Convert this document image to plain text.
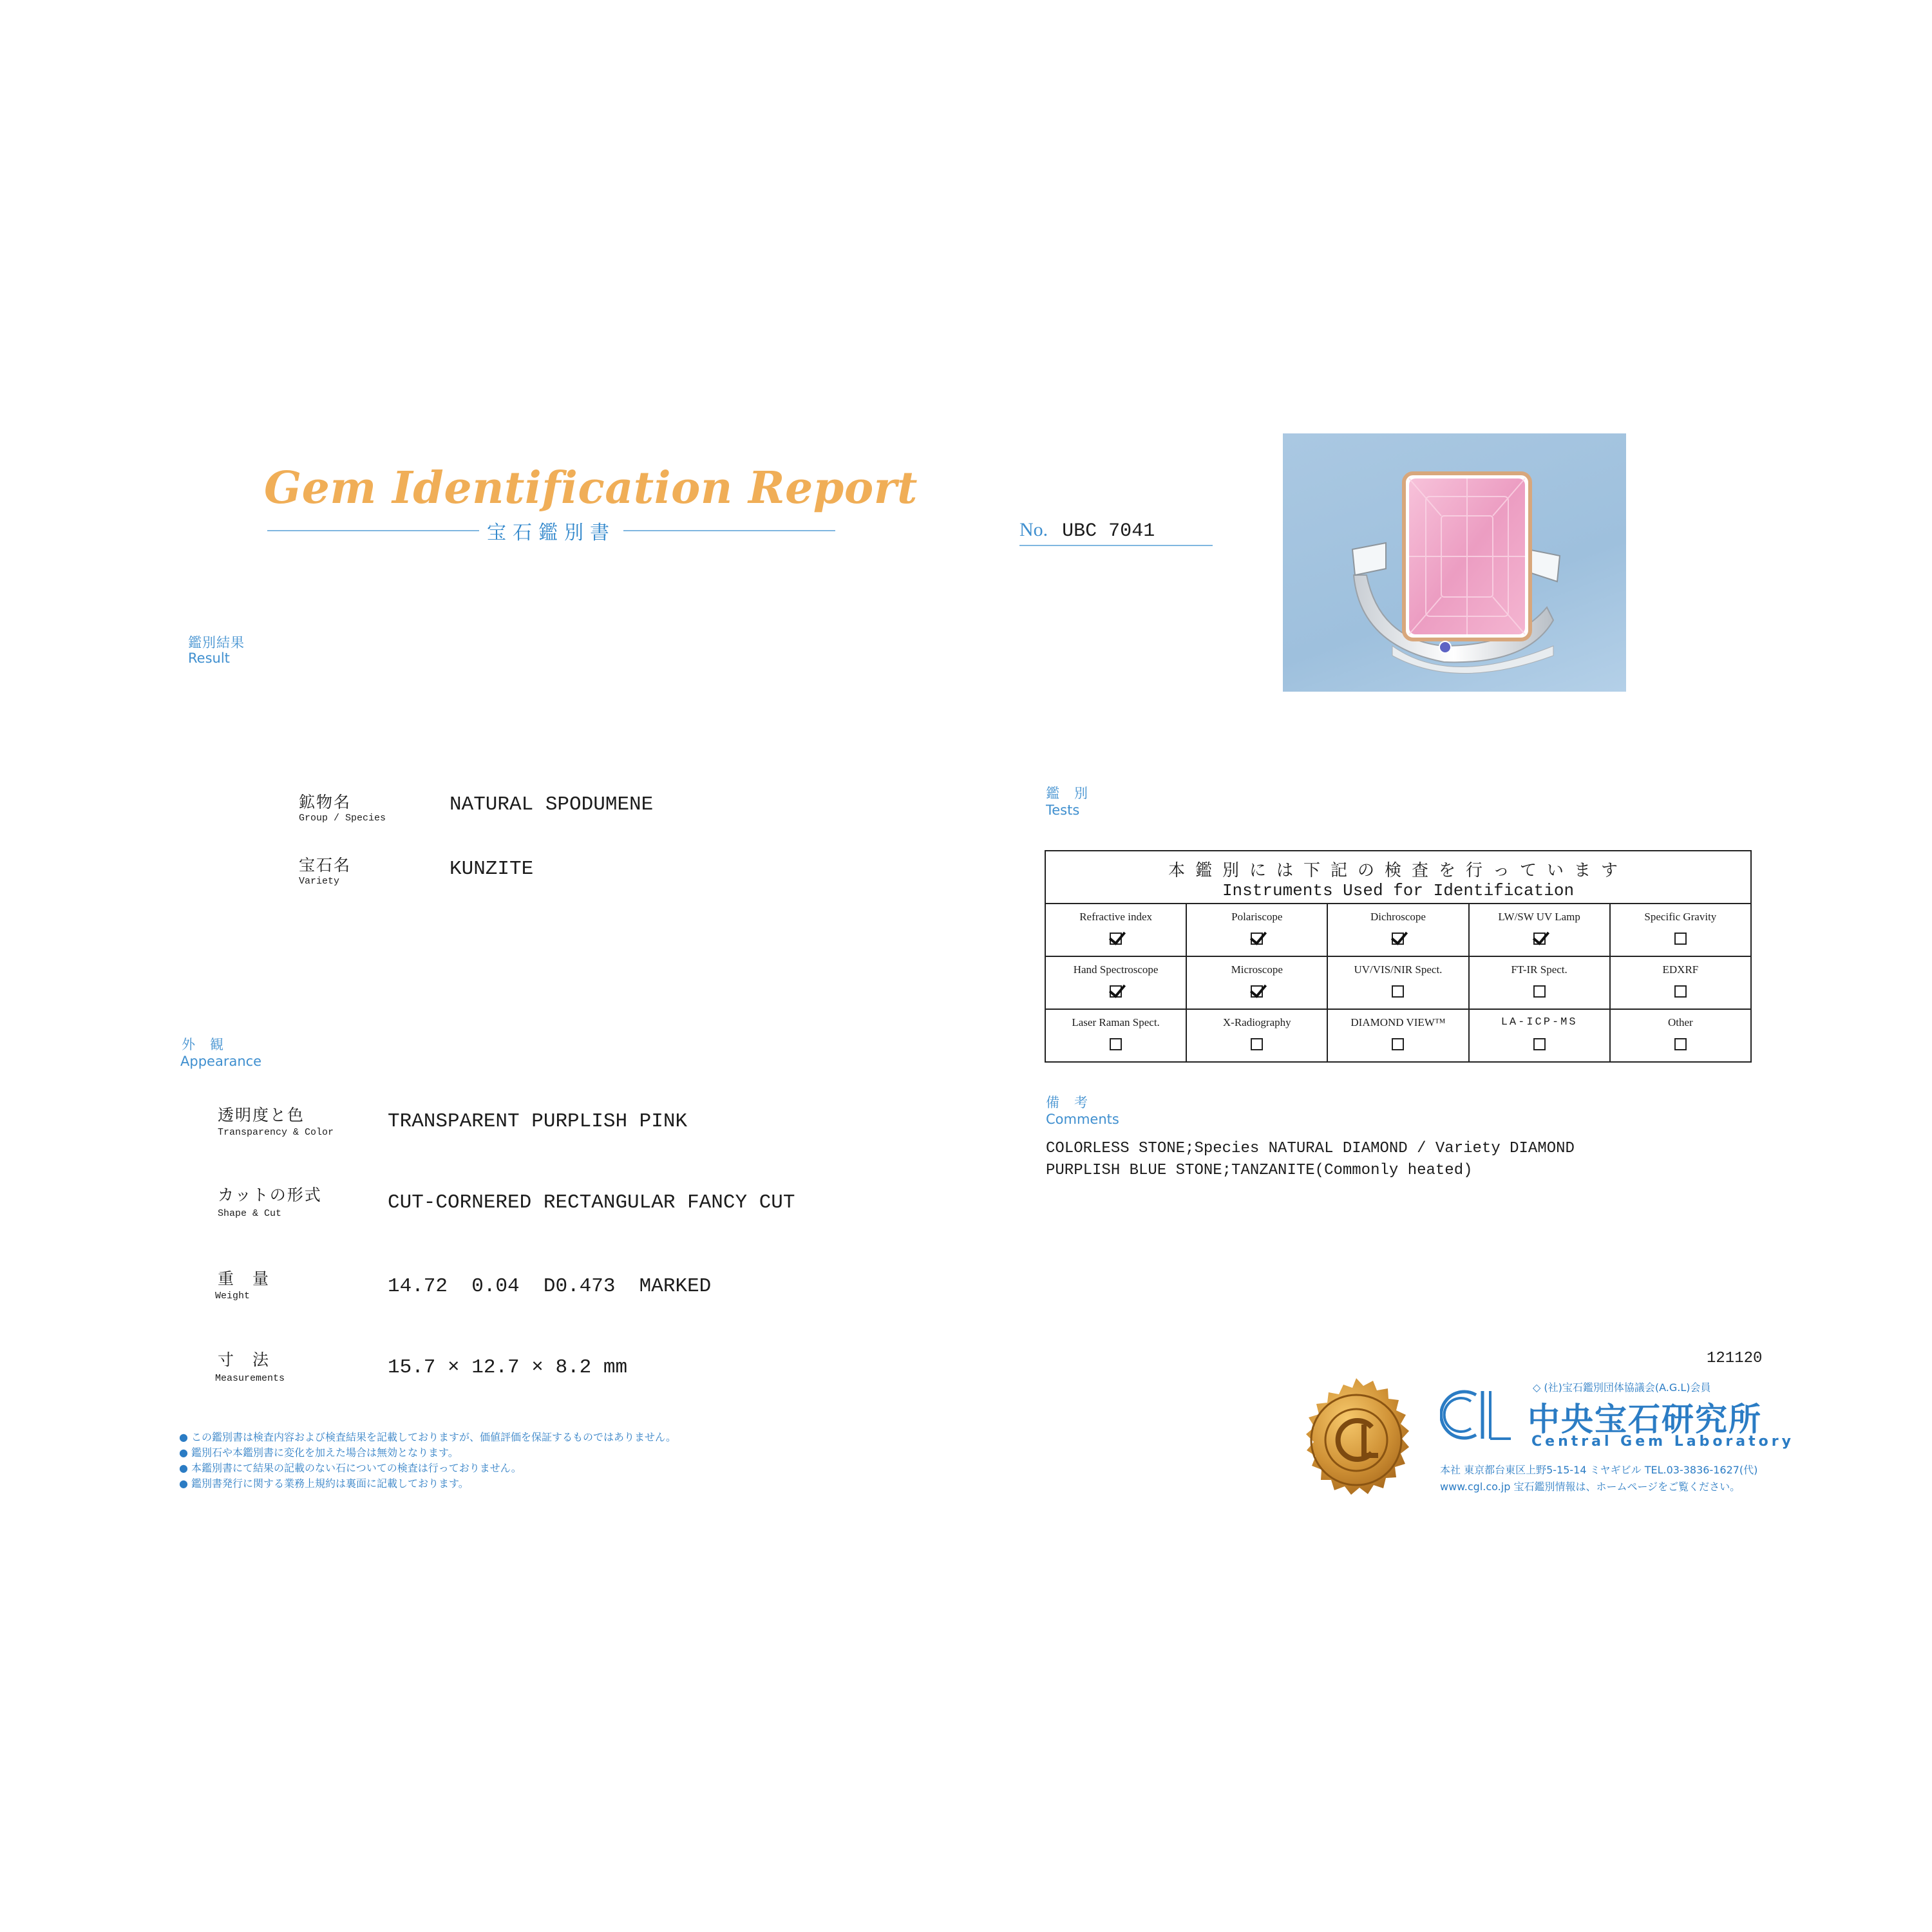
Gem Identification Report
宝石鑑別書	No. UBC 7041
鑑別結果
Result
鉱物名
Group / Species
NATURAL SPODUMENE
宝石名
Variety
KUNZITE
外　観
Appearance
透明度と色
Transparency & Color	TRANSPARENT PURPLISH PINK
カットの形式
Shape & Cut	CUT-CORNERED RECTANGULAR FANCY CUT
重　量
Weight	14.72  0.04  D0.473  MARKED
寸　法
Measurements	15.7 × 12.7 × 8.2 mm
鑑　別
Tests
本鑑別には下記の検査を行っています
Instruments Used for Identification				

Refractive index	Polariscope	Dichroscope	LW/SW UV Lamp	Specific Gravity

Hand Spectroscope	Microscope	UV/VIS/NIR Spect.	FT-IR Spect.	EDXRF

Laser Raman Spect.	X-Radiography	DIAMOND VIEW™	LA-ICP-MS	Other
備　考
Comments
COLORLESS STONE;Species NATURAL DIAMOND / Variety DIAMOND
PURPLISH BLUE STONE;TANZANITE(Commonly heated)
● この鑑別書は検査内容および検査結果を記載しておりますが、価値評価を保証するものではありません。
● 鑑別石や本鑑別書に変化を加えた場合は無効となります。
● 本鑑別書にて結果の記載のない石についての検査は行っておりません。
● 鑑別書発行に関する業務上規約は裏面に記載しております。
121120
◇ (社)宝石鑑別団体協議会(A.G.L)会員
中央宝石研究所
Central Gem Laboratory
本社 東京都台東区上野5-15-14 ミヤギビル TEL.03-3836-1627(代)
www.cgl.co.jp 宝石鑑別情報は、ホームページをご覧ください。
